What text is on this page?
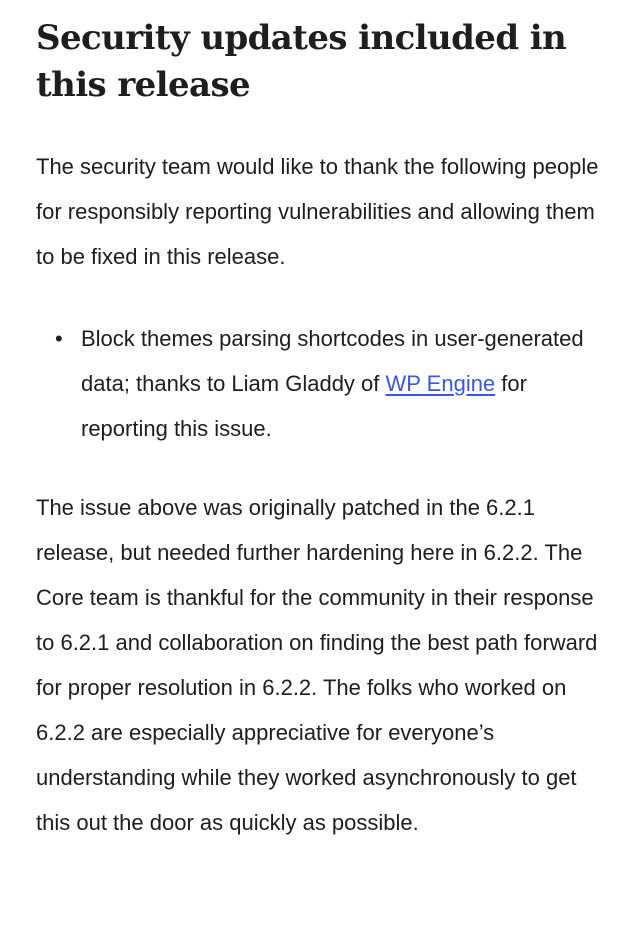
Security updates included in this release

The security team would like to thank the following people for responsibly reporting vulnerabilities and allowing them to be fixed in this release.

• Block themes parsing shortcodes in user-generated data; thanks to Liam Gladdy of WP Engine for reporting this issue.

The issue above was originally patched in the 6.2.1 release, but needed further hardening here in 6.2.2. The Core team is thankful for the community in their response to 6.2.1 and collaboration on finding the best path forward for proper resolution in 6.2.2. The folks who worked on 6.2.2 are especially appreciative for everyone’s understanding while they worked asynchronously to get this out the door as quickly as possible.
